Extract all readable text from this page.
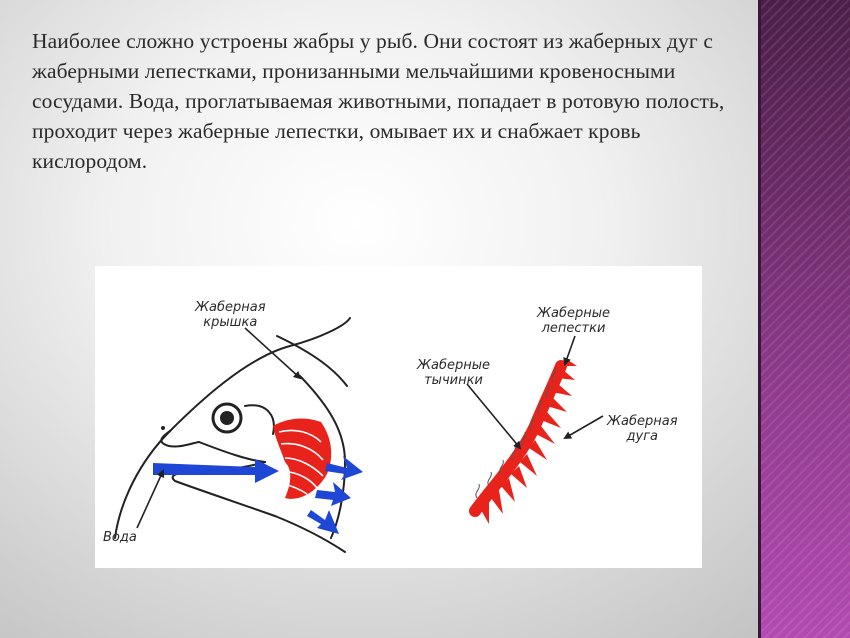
Наиболее сложно устроены жабры у рыб. Они состоят из жаберных дуг с жаберными лепестками, пронизанными мельчайшими кровеносными сосудами. Вода, проглатываемая животными, попадает в ротовую полость, проходит через жаберные лепестки, омывает их и снабжает кровь кислородом.

Жаберная
крышка
Вода
Жаберные
тычинки
Жаберные
лепестки
Жаберная
дуга
